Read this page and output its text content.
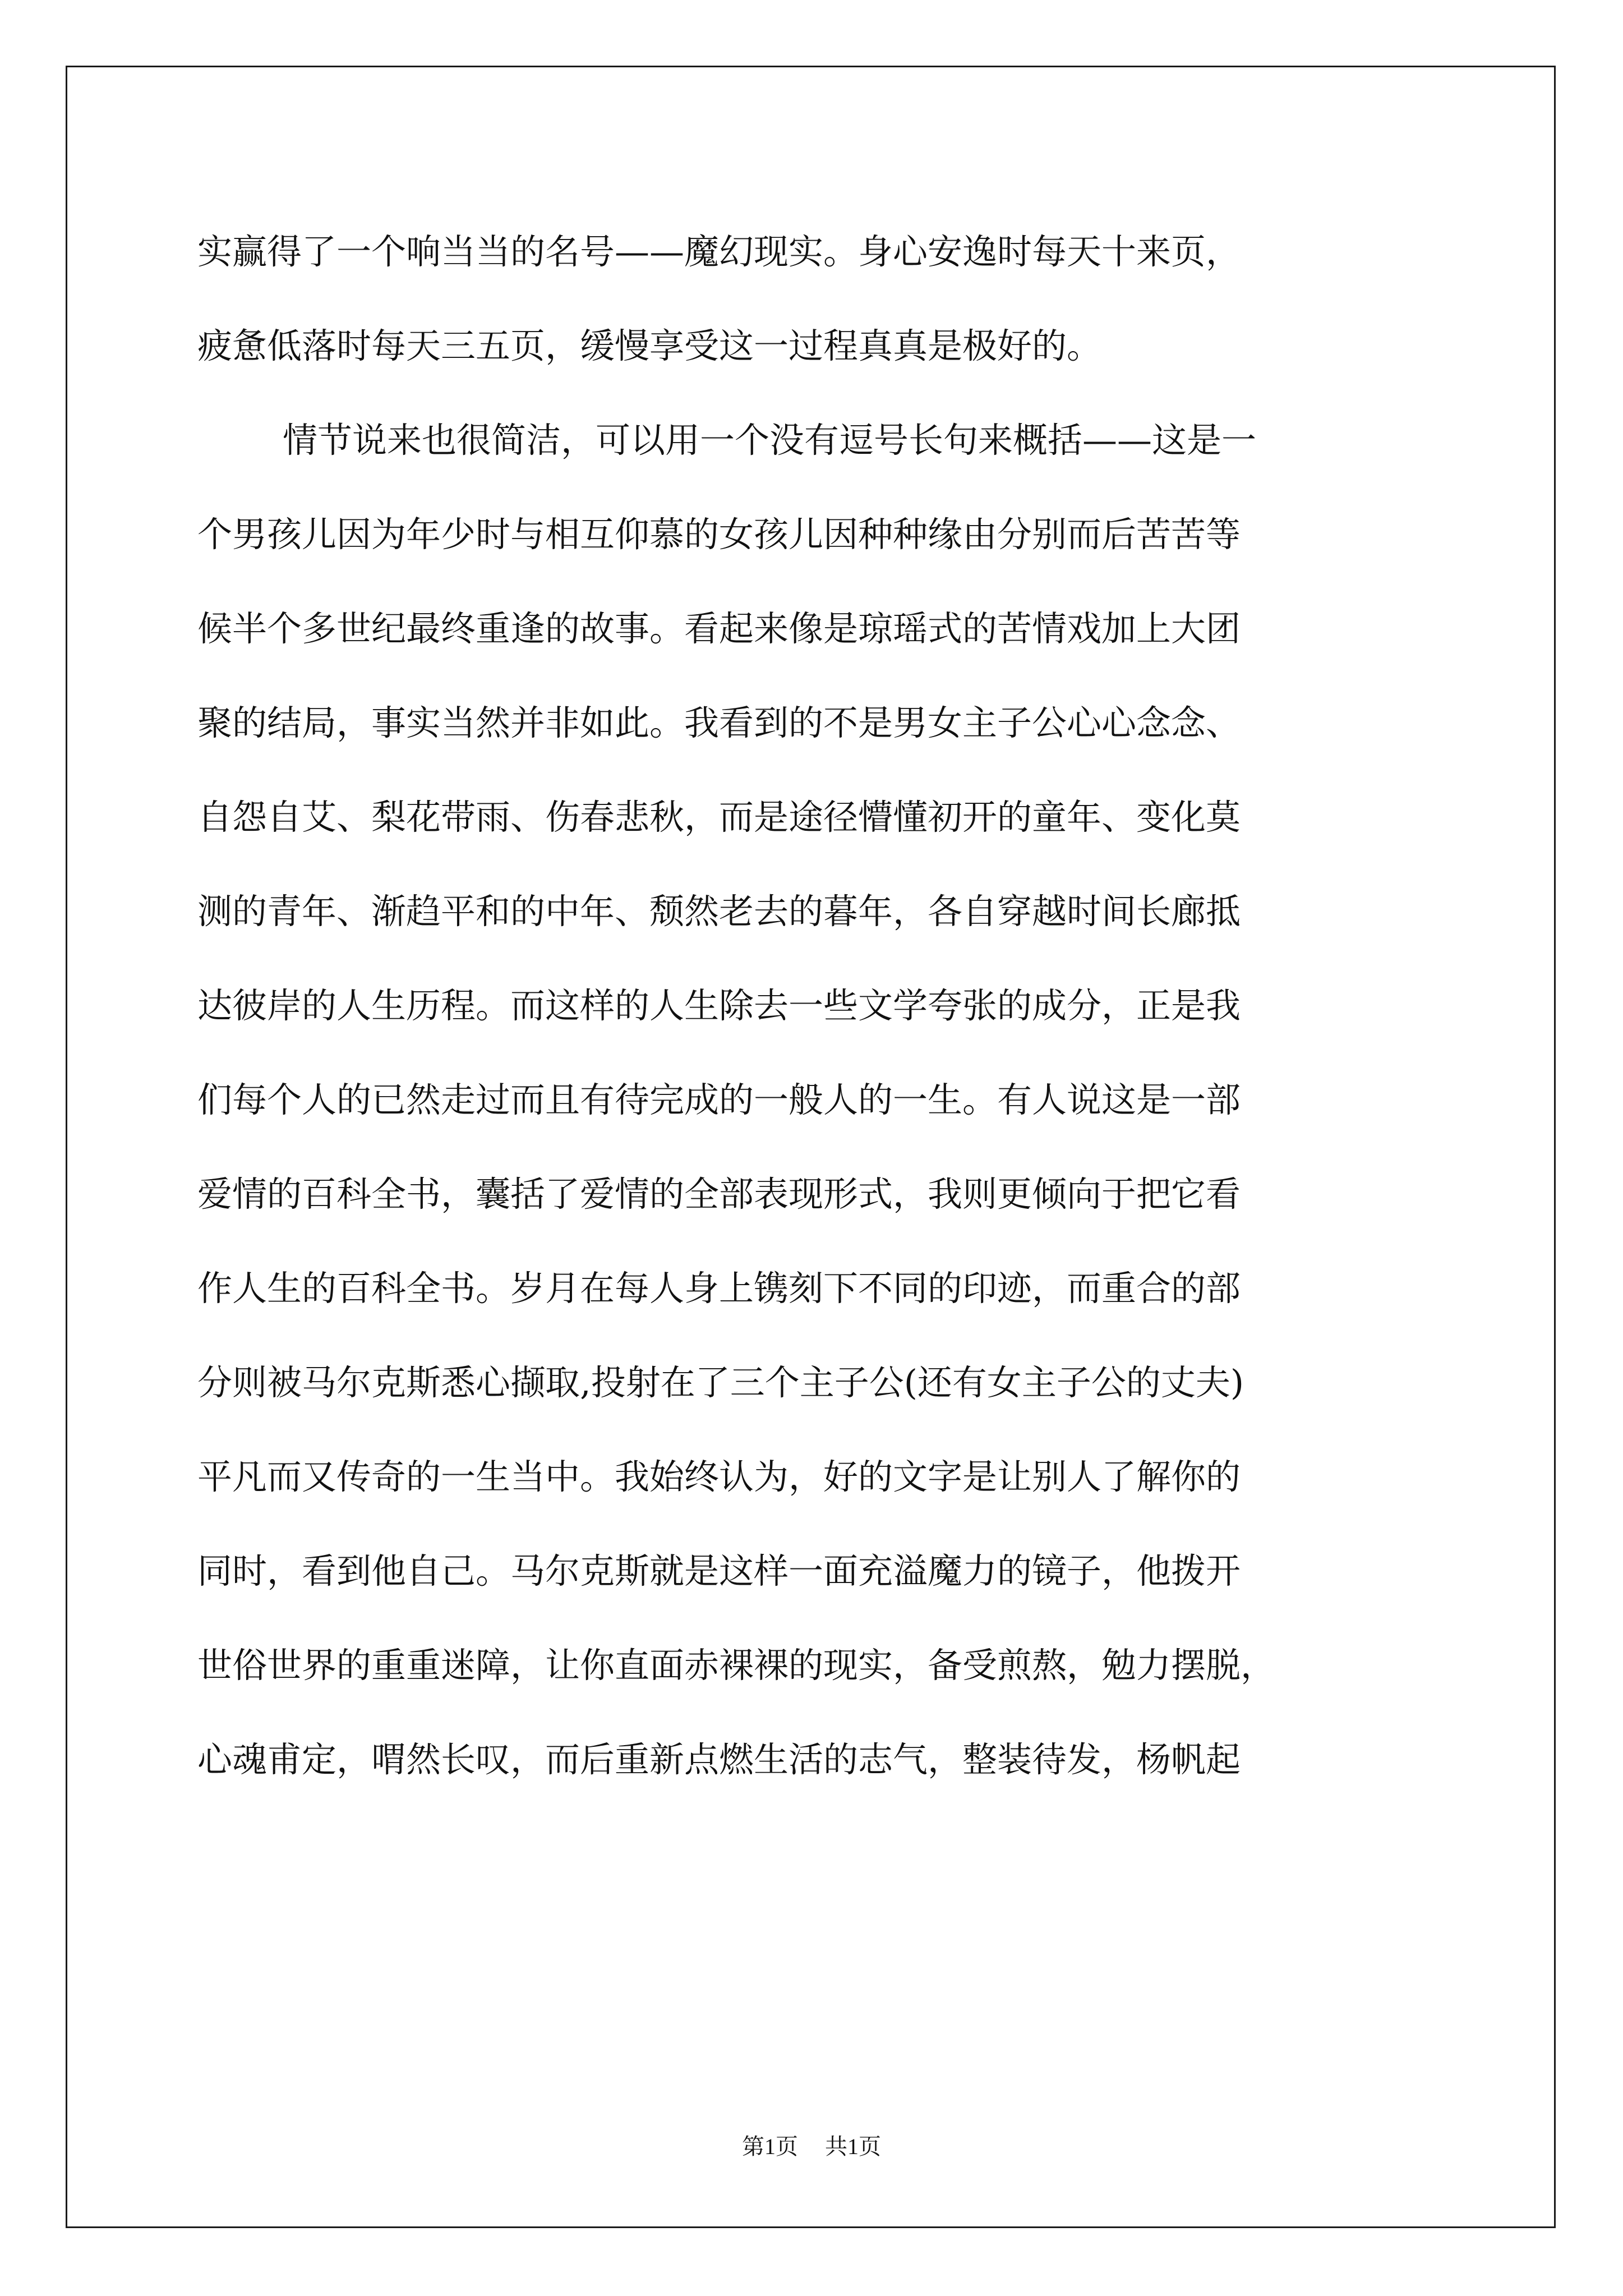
实赢得了一个响当当的名号——魔幻现实。身心安逸时每天十来页，
疲惫低落时每天三五页，缓慢享受这一过程真真是极好的。
情节说来也很简洁，可以用一个没有逗号长句来概括——这是一
个男孩儿因为年少时与相互仰慕的女孩儿因种种缘由分别而后苦苦等
候半个多世纪最终重逢的故事。看起来像是琼瑶式的苦情戏加上大团
聚的结局，事实当然并非如此。我看到的不是男女主子公心心念念、
自怨自艾、梨花带雨、伤春悲秋，而是途径懵懂初开的童年、变化莫
测的青年、渐趋平和的中年、颓然老去的暮年，各自穿越时间长廊抵
达彼岸的人生历程。而这样的人生除去一些文学夸张的成分，正是我
们每个人的已然走过而且有待完成的一般人的一生。有人说这是一部
爱情的百科全书，囊括了爱情的全部表现形式，我则更倾向于把它看
作人生的百科全书。岁月在每人身上镌刻下不同的印迹，而重合的部
分则被马尔克斯悉心撷取,投射在了三个主子公(还有女主子公的丈夫)
平凡而又传奇的一生当中。我始终认为，好的文字是让别人了解你的
同时，看到他自己。马尔克斯就是这样一面充溢魔力的镜子，他拨开
世俗世界的重重迷障，让你直面赤裸裸的现实，备受煎熬，勉力摆脱，
心魂甫定，喟然长叹，而后重新点燃生活的志气，整装待发，杨帆起
第1页 共1页
